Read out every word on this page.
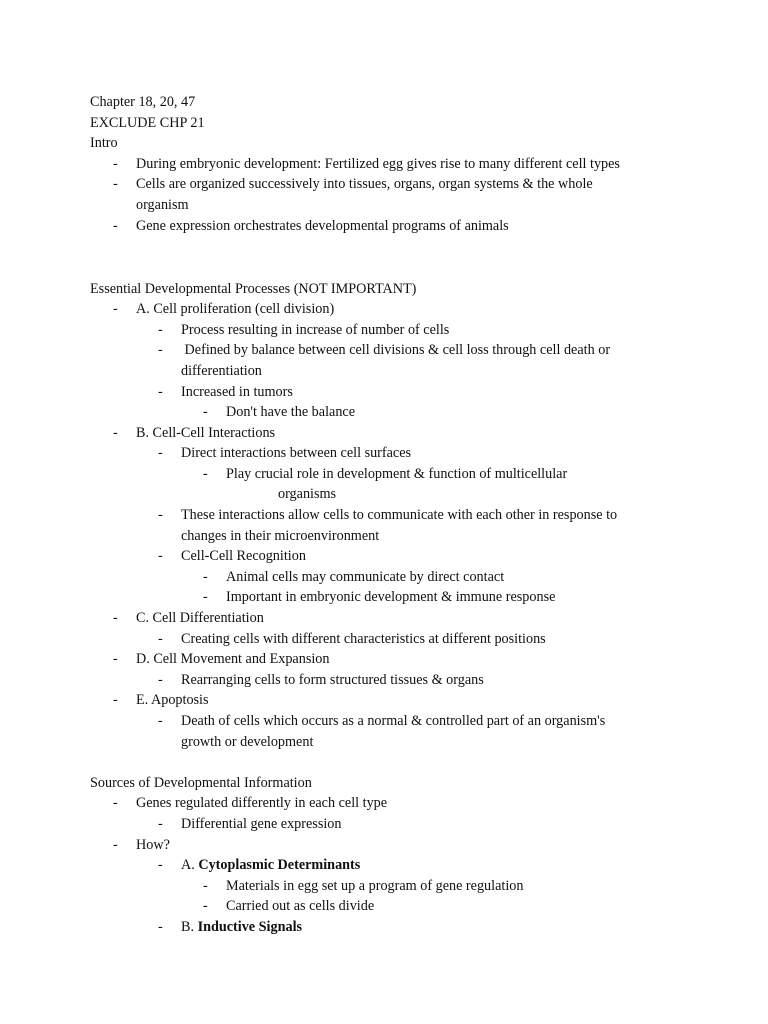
Chapter 18, 20, 47
EXCLUDE CHP 21
Intro
- During embryonic development: Fertilized egg gives rise to many different cell types
- Cells are organized successively into tissues, organs, organ systems & the whole
organism
- Gene expression orchestrates developmental programs of animals
Essential Developmental Processes (NOT IMPORTANT)
- A. Cell proliferation (cell division)
- Process resulting in increase of number of cells
- Defined by balance between cell divisions & cell loss through cell death or
differentiation
- Increased in tumors
- Don't have the balance
- B. Cell-Cell Interactions
- Direct interactions between cell surfaces
- Play crucial role in development & function of multicellular
organisms
- These interactions allow cells to communicate with each other in response to
changes in their microenvironment
- Cell-Cell Recognition
- Animal cells may communicate by direct contact
- Important in embryonic development & immune response
- C. Cell Differentiation
- Creating cells with different characteristics at different positions
- D. Cell Movement and Expansion
- Rearranging cells to form structured tissues & organs
- E. Apoptosis
- Death of cells which occurs as a normal & controlled part of an organism's
growth or development
Sources of Developmental Information
- Genes regulated differently in each cell type
- Differential gene expression
- How?
- A. Cytoplasmic Determinants
- Materials in egg set up a program of gene regulation
- Carried out as cells divide
- B. Inductive Signals
